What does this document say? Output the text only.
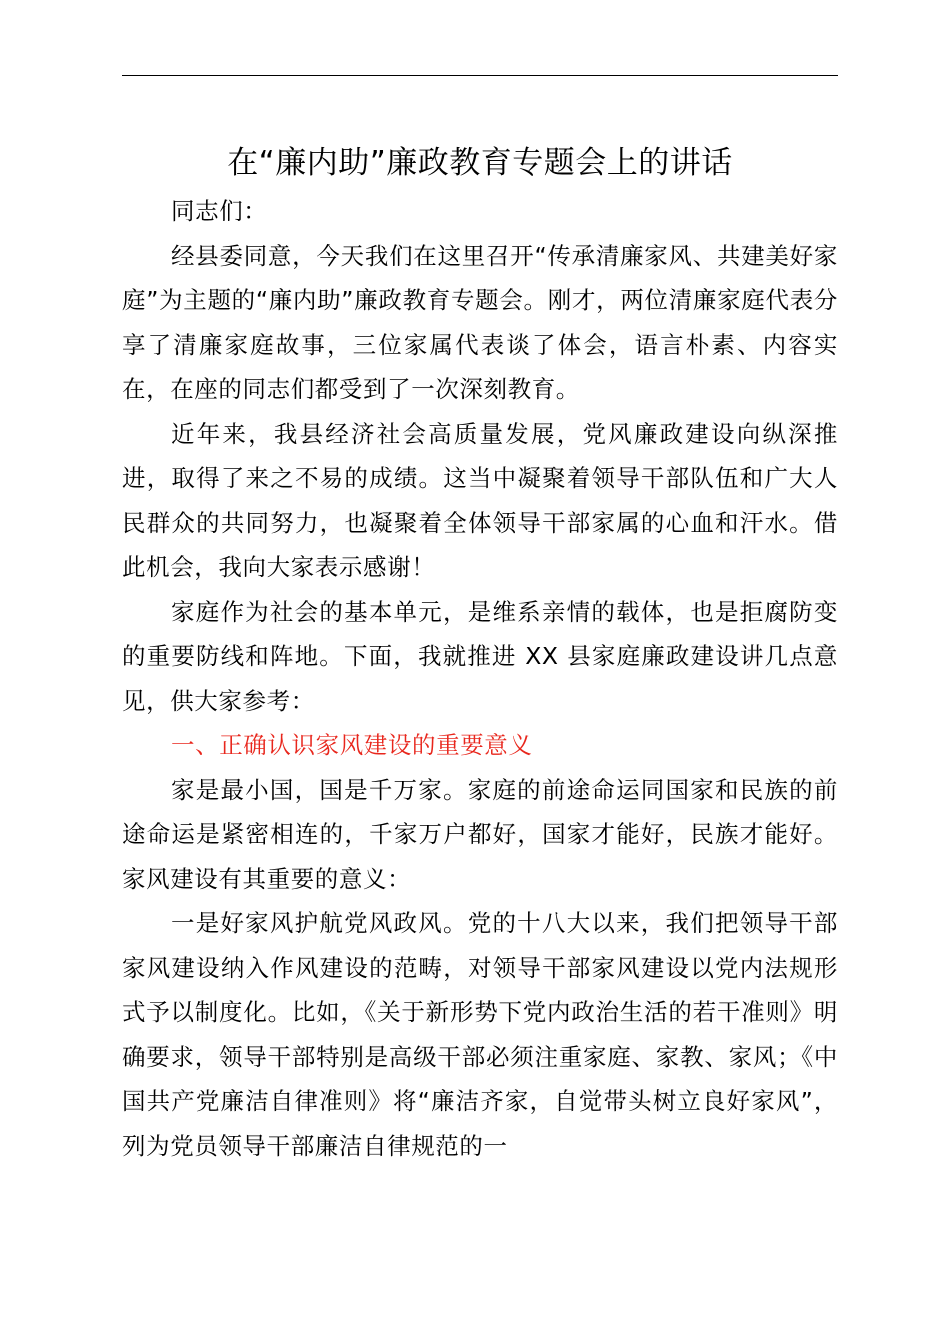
在“廉内助”廉政教育专题会上的讲话

同志们：

经县委同意，今天我们在这里召开“传承清廉家风、共建美好家庭”为主题的“廉内助”廉政教育专题会。刚才，两位清廉家庭代表分享了清廉家庭故事，三位家属代表谈了体会，语言朴素、内容实在，在座的同志们都受到了一次深刻教育。

近年来，我县经济社会高质量发展，党风廉政建设向纵深推进，取得了来之不易的成绩。这当中凝聚着领导干部队伍和广大人民群众的共同努力，也凝聚着全体领导干部家属的心血和汗水。借此机会，我向大家表示感谢！

家庭作为社会的基本单元，是维系亲情的载体，也是拒腐防变的重要防线和阵地。下面，我就推进 XX 县家庭廉政建设讲几点意见，供大家参考：

一、正确认识家风建设的重要意义

家是最小国，国是千万家。家庭的前途命运同国家和民族的前途命运是紧密相连的，千家万户都好，国家才能好，民族才能好。家风建设有其重要的意义：

一是好家风护航党风政风。党的十八大以来，我们把领导干部家风建设纳入作风建设的范畴，对领导干部家风建设以党内法规形式予以制度化。比如，《关于新形势下党内政治生活的若干准则》明确要求，领导干部特别是高级干部必须注重家庭、家教、家风；《中国共产党廉洁自律准则》将“廉洁齐家，自觉带头树立良好家风”，列为党员领导干部廉洁自律规范的一
